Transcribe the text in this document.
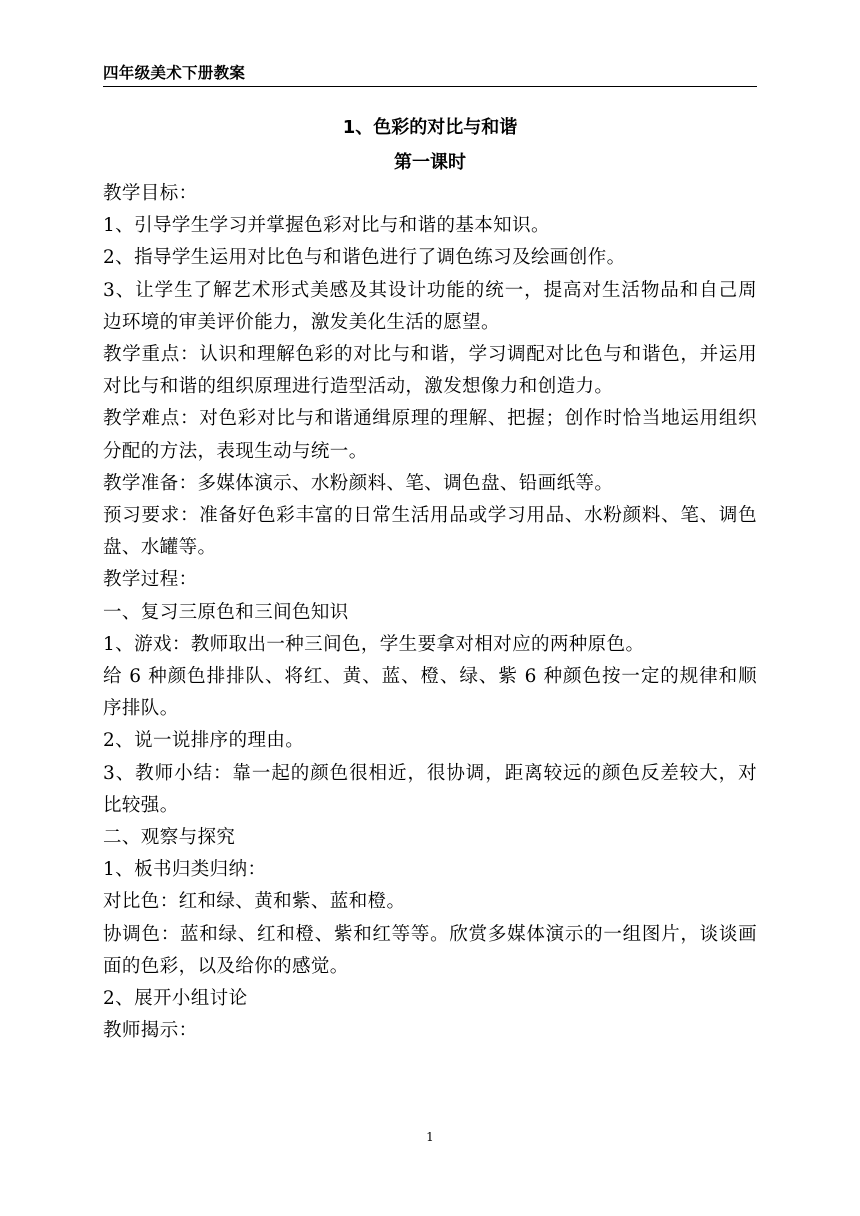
四年级美术下册教案
1、色彩的对比与和谐
第一课时

教学目标：

1、引导学生学习并掌握色彩对比与和谐的基本知识。

2、指导学生运用对比色与和谐色进行了调色练习及绘画创作。

3、让学生了解艺术形式美感及其设计功能的统一，提高对生活物品和自己周边环境的审美评价能力，激发美化生活的愿望。

教学重点：认识和理解色彩的对比与和谐，学习调配对比色与和谐色，并运用对比与和谐的组织原理进行造型活动，激发想像力和创造力。

教学难点：对色彩对比与和谐通缉原理的理解、把握；创作时恰当地运用组织分配的方法，表现生动与统一。

教学准备：多媒体演示、水粉颜料、笔、调色盘、铅画纸等。

预习要求：准备好色彩丰富的日常生活用品或学习用品、水粉颜料、笔、调色盘、水罐等。

教学过程：

一、复习三原色和三间色知识

1、游戏：教师取出一种三间色，学生要拿对相对应的两种原色。

给 6 种颜色排排队、将红、黄、蓝、橙、绿、紫 6 种颜色按一定的规律和顺序排队。

2、说一说排序的理由。

3、教师小结：靠一起的颜色很相近，很协调，距离较远的颜色反差较大，对比较强。

二、观察与探究

1、板书归类归纳：

对比色：红和绿、黄和紫、蓝和橙。

协调色：蓝和绿、红和橙、紫和红等等。欣赏多媒体演示的一组图片，谈谈画面的色彩，以及给你的感觉。

2、展开小组讨论

教师揭示：

1
